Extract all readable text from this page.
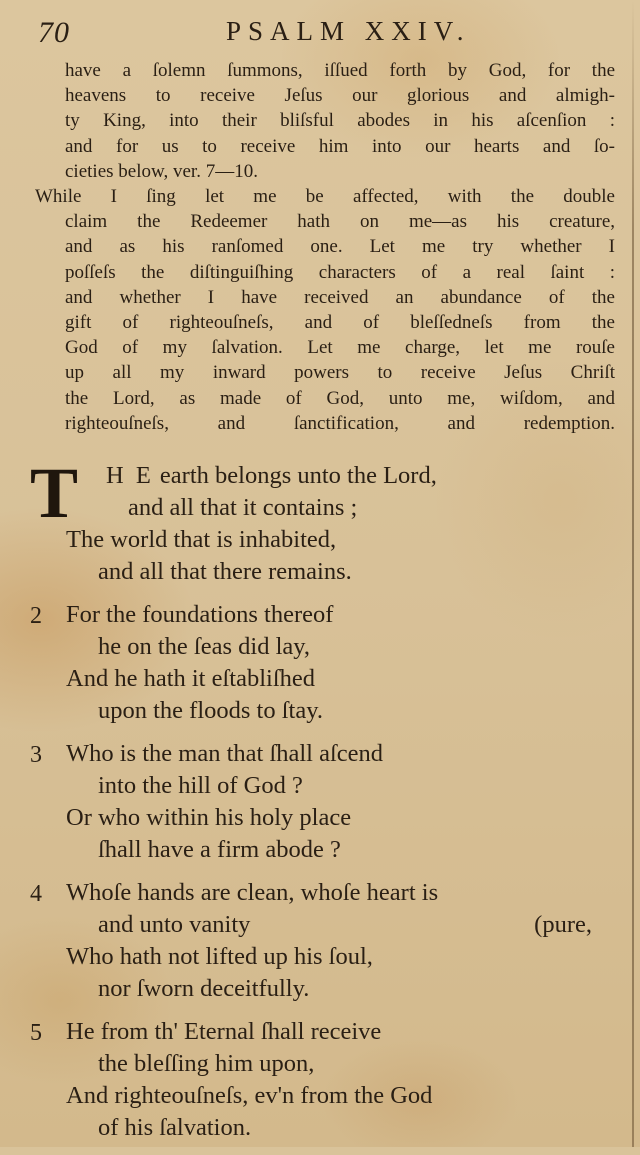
70	PSALM XXIV.

have a ſolemn ſummons, iſſued forth by God, for the

heavens to receive Jeſus our glorious and almigh-

ty King, into their bliſsful abodes in his aſcenſion :

and for us to receive him into our hearts and ſo-

cieties below, ver. 7—10.

While I ſing let me be affected, with the double

claim the Redeemer hath on me—as his creature,

and as his ranſomed one. Let me try whether I

poſſeſs the diſtinguiſhing characters of a real ſaint :

and whether I have received an abundance of the

gift of righteouſneſs, and of bleſſedneſs from the

God of my ſalvation. Let me charge, let me rouſe

up all my inward powers to receive Jeſus Chriſt

the Lord, as made of God, unto me, wiſdom, and

righteouſneſs, and ſanctification, and redemption.

T	H E earth belongs unto the Lord,
and all that it contains ;
The world that is inhabited,
and all that there remains.
2 For the foundations thereof
he on the ſeas did lay,
And he hath it eſtabliſhed
upon the floods to ſtay.
3 Who is the man that ſhall aſcend
into the hill of God ?
Or who within his holy place
ſhall have a firm abode ?
4 Whoſe hands are clean, whoſe heart is
and unto vanity	(pure,
Who hath not lifted up his ſoul,
nor ſworn deceitfully.
5 He from th' Eternal ſhall receive
the bleſſing him upon,
And righteouſneſs, ev'n from the God
of his ſalvation.
